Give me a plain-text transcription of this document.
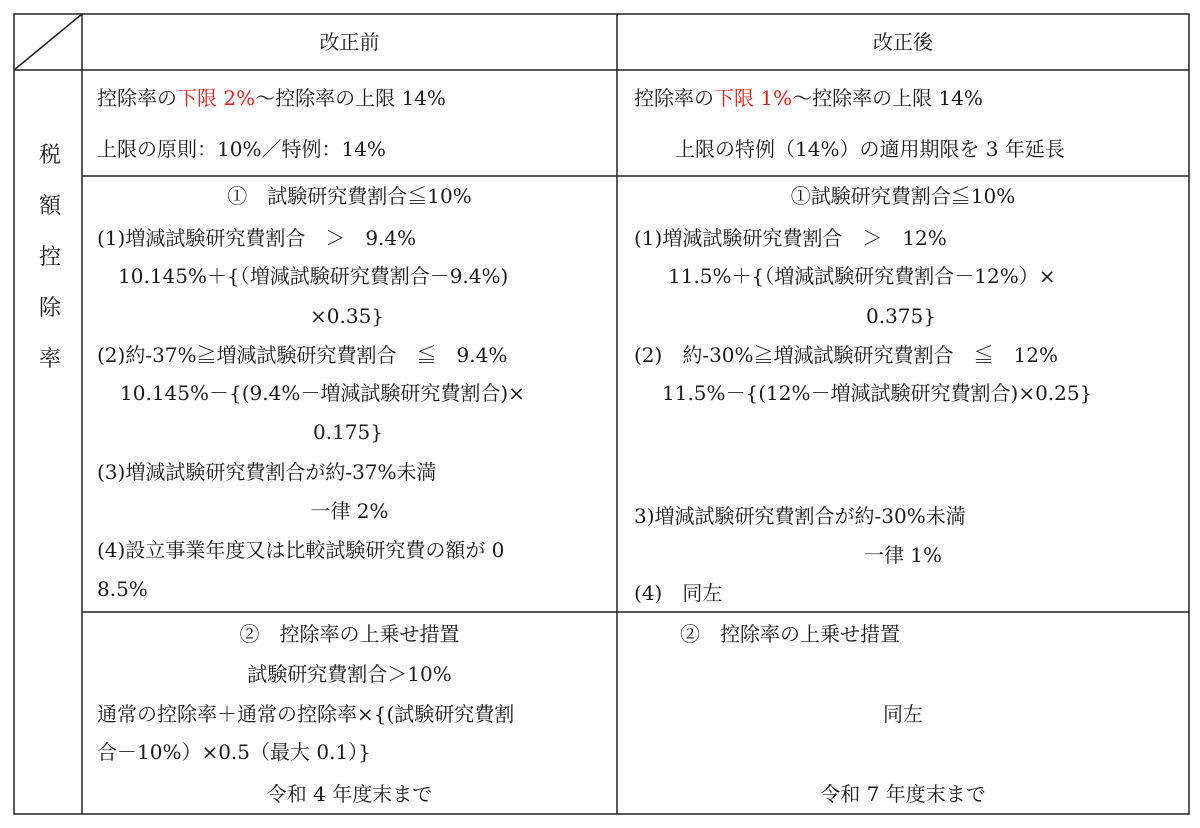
改正前	改正後
税
額
控
除
率
控除率の下限 2%〜控除率の上限 14%
上限の原則：10%／特例：14%
控除率の下限 1%〜控除率の上限 14%
上限の特例（14%）の適用期限を 3 年延長
①　試験研究費割合≦10%
(1)増減試験研究費割合　＞　9.4%
10.145%＋{（増減試験研究費割合－9.4%)
×0.35}
(2)約-37%≧増減試験研究費割合　≦　9.4%
10.145%－{(9.4%－増減試験研究費割合)×
0.175}
(3)増減試験研究費割合が約-37%未満
一律 2%
(4)設立事業年度又は比較試験研究費の額が 0
8.5%
①試験研究費割合≦10%
(1)増減試験研究費割合　＞　12%
11.5%＋{（増減試験研究費割合－12%）×
0.375}
(2)　約-30%≧増減試験研究費割合　≦　12%
11.5%－{(12%－増減試験研究費割合)×0.25}
3)増減試験研究費割合が約-30%未満
一律 1%
(4)　同左
②　控除率の上乗せ措置
試験研究費割合＞10%
通常の控除率＋通常の控除率×{(試験研究費割
合－10%）×0.5（最大 0.1）}
令和 4 年度末まで
②　控除率の上乗せ措置
同左
令和 7 年度末まで
